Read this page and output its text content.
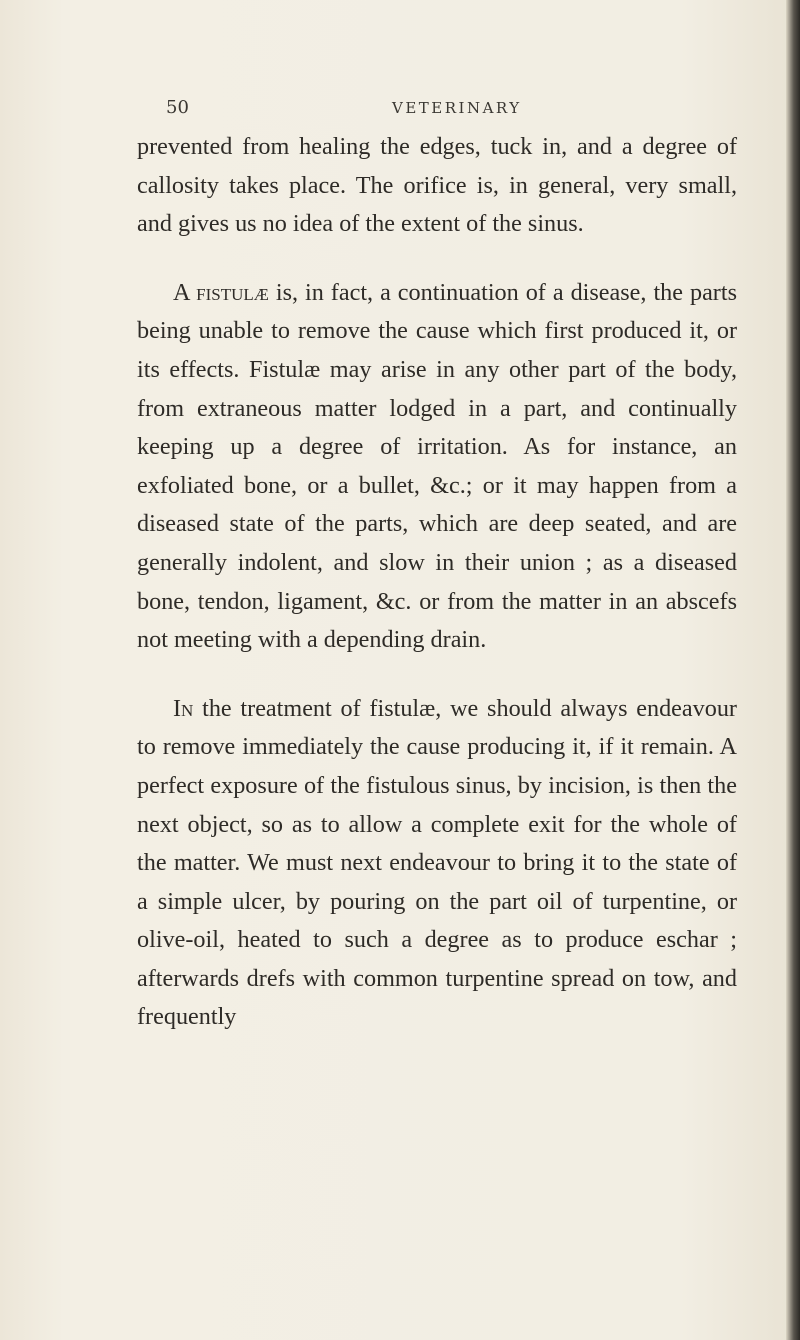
50	VETERINARY

prevented from healing the edges, tuck in, and a degree of callosity takes place. The orifice is, in general, very small, and gives us no idea of the extent of the sinus.

A fistulæ is, in fact, a continuation of a disease, the parts being unable to remove the cause which first produced it, or its effects. Fistulæ may arise in any other part of the body, from extraneous matter lodged in a part, and continually keeping up a degree of irritation. As for instance, an exfoliated bone, or a bullet, &c.; or it may happen from a diseased state of the parts, which are deep seated, and are generally indolent, and slow in their union ; as a diseased bone, tendon, ligament, &c. or from the matter in an abscefs not meeting with a depending drain.

In the treatment of fistulæ, we should always endeavour to remove immediately the cause producing it, if it remain. A perfect exposure of the fistulous sinus, by incision, is then the next object, so as to allow a complete exit for the whole of the matter. We must next endeavour to bring it to the state of a simple ulcer, by pouring on the part oil of turpentine, or olive-oil, heated to such a degree as to produce eschar ; afterwards drefs with common turpentine spread on tow, and frequently
